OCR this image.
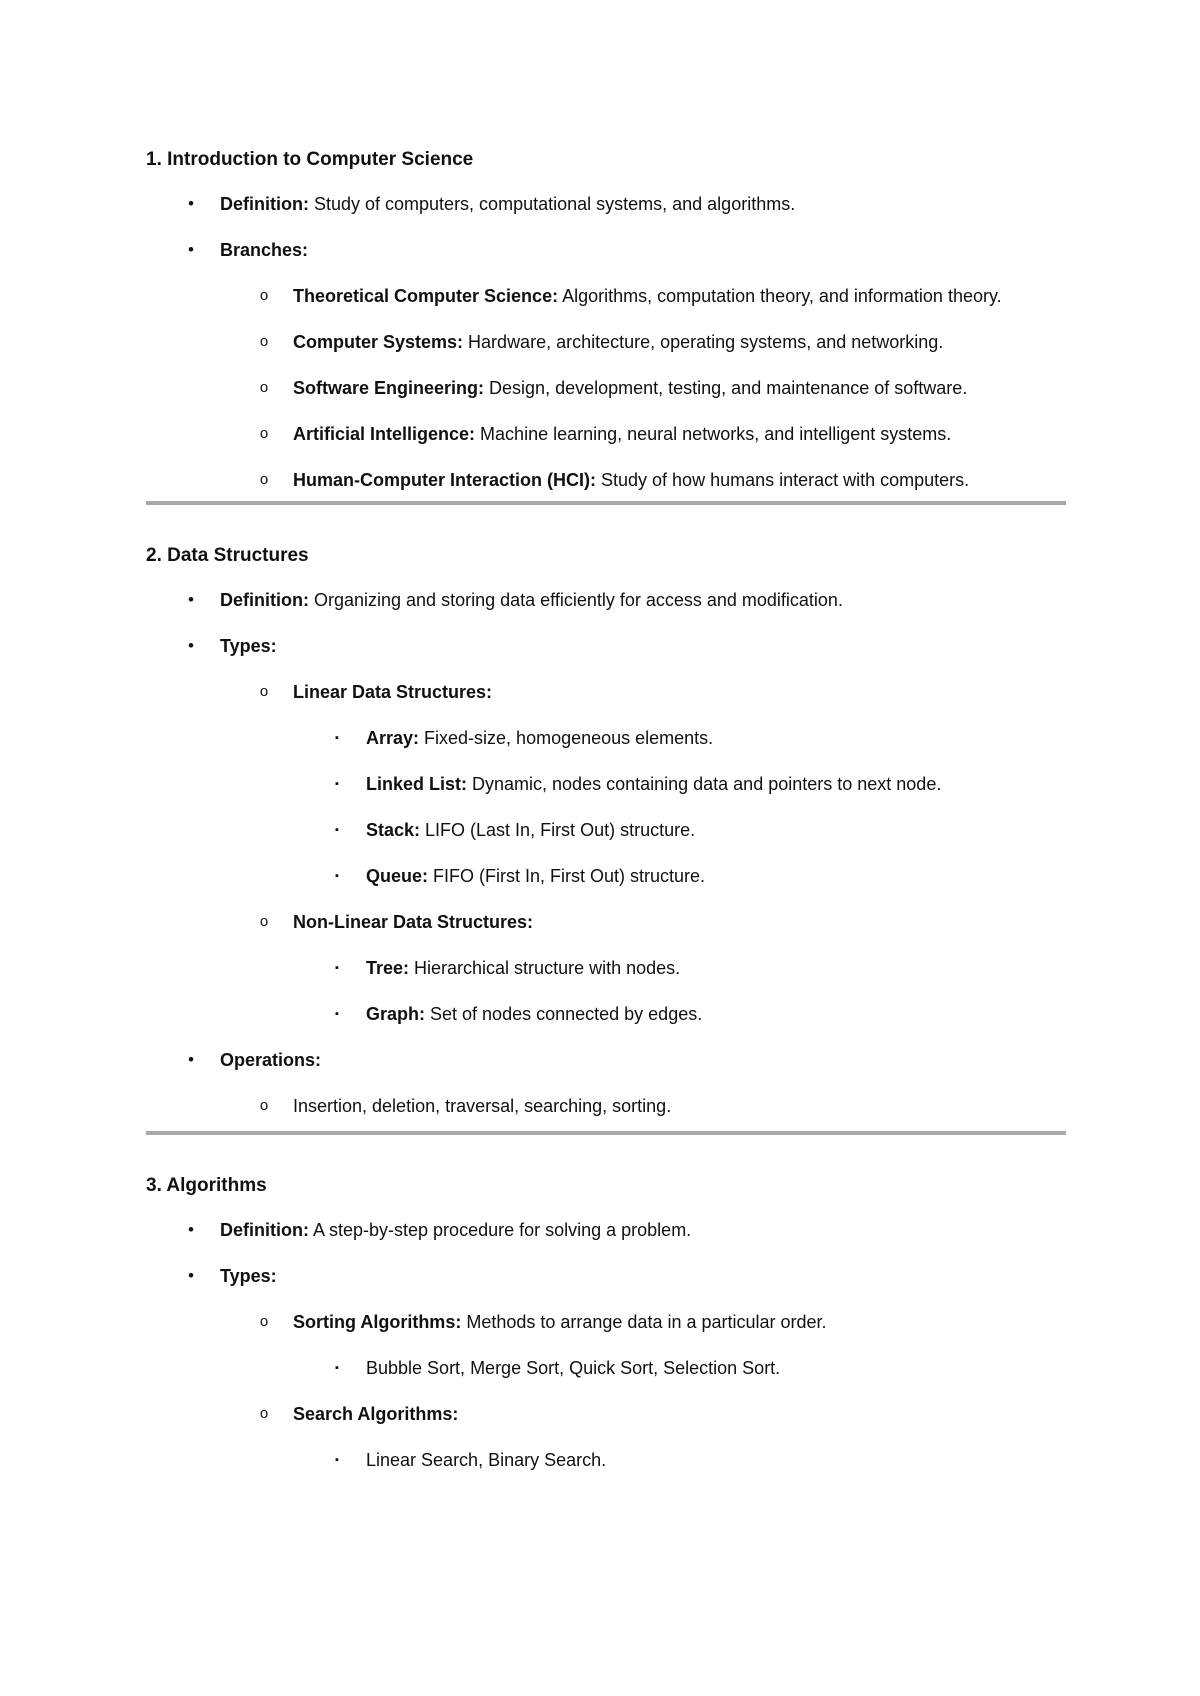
1. Introduction to Computer Science
• Definition: Study of computers, computational systems, and algorithms.
• Branches:
o Theoretical Computer Science: Algorithms, computation theory, and information theory.
o Computer Systems: Hardware, architecture, operating systems, and networking.
o Software Engineering: Design, development, testing, and maintenance of software.
o Artificial Intelligence: Machine learning, neural networks, and intelligent systems.
o Human-Computer Interaction (HCI): Study of how humans interact with computers.
2. Data Structures
• Definition: Organizing and storing data efficiently for access and modification.
• Types:
o Linear Data Structures:
▪	Array: Fixed-size, homogeneous elements.
▪	Linked List: Dynamic, nodes containing data and pointers to next node.
▪	Stack: LIFO (Last In, First Out) structure.
▪	Queue: FIFO (First In, First Out) structure.
o Non-Linear Data Structures:
▪	Tree: Hierarchical structure with nodes.
▪	Graph: Set of nodes connected by edges.
• Operations:
o Insertion, deletion, traversal, searching, sorting.
3. Algorithms
• Definition: A step-by-step procedure for solving a problem.
• Types:
o Sorting Algorithms: Methods to arrange data in a particular order.
▪	Bubble Sort, Merge Sort, Quick Sort, Selection Sort.
o Search Algorithms:
▪	Linear Search, Binary Search.
